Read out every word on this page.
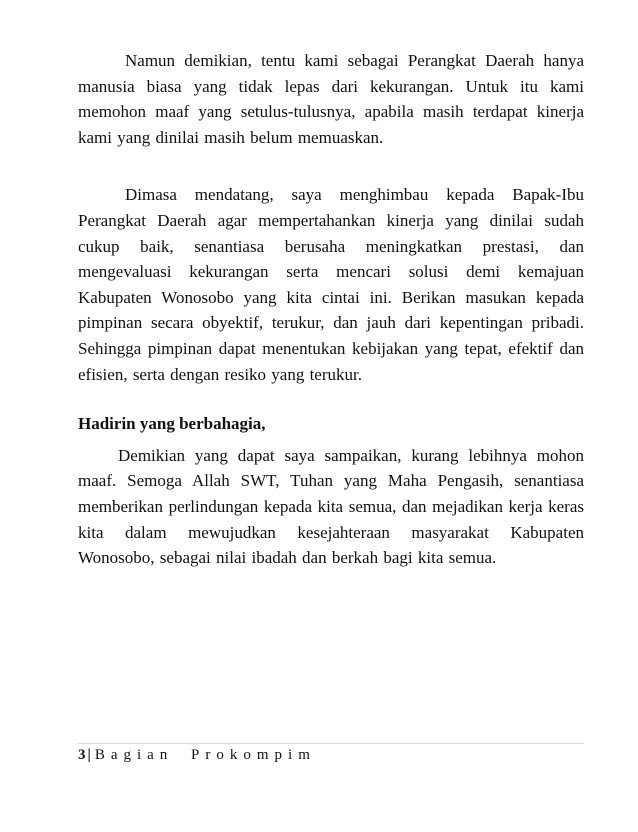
Namun demikian, tentu kami sebagai Perangkat Daerah hanya manusia biasa yang tidak lepas dari kekurangan. Untuk itu kami memohon maaf yang setulus-tulusnya, apabila masih terdapat kinerja kami yang dinilai masih belum memuaskan.

Dimasa mendatang, saya menghimbau kepada Bapak-Ibu Perangkat Daerah agar mempertahankan kinerja yang dinilai sudah cukup baik, senantiasa berusaha meningkatkan prestasi, dan mengevaluasi kekurangan serta mencari solusi demi kemajuan Kabupaten Wonosobo yang kita cintai ini. Berikan masukan kepada pimpinan secara obyektif, terukur, dan jauh dari kepentingan pribadi. Sehingga pimpinan dapat menentukan kebijakan yang tepat, efektif dan efisien, serta dengan resiko yang terukur.

Hadirin yang berbahagia,

Demikian yang dapat saya sampaikan, kurang lebihnya mohon maaf. Semoga Allah SWT, Tuhan yang Maha Pengasih, senantiasa memberikan perlindungan kepada kita semua, dan mejadikan kerja keras kita dalam mewujudkan kesejahteraan masyarakat Kabupaten Wonosobo, sebagai nilai ibadah dan berkah bagi kita semua.

3 | Bagian Prokompim
